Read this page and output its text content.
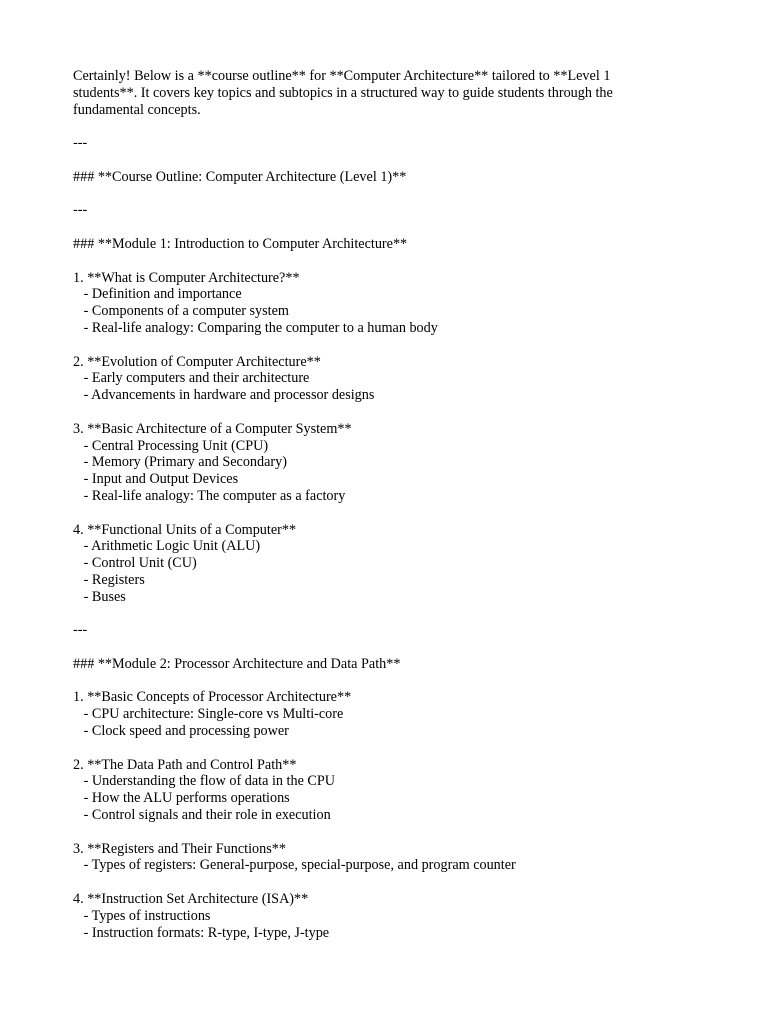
Certainly! Below is a **course outline** for **Computer Architecture** tailored to **Level 1
students**. It covers key topics and subtopics in a structured way to guide students through the
fundamental concepts.
---
### **Course Outline: Computer Architecture (Level 1)**
---
### **Module 1: Introduction to Computer Architecture**
1. **What is Computer Architecture?**
- Definition and importance
- Components of a computer system
- Real-life analogy: Comparing the computer to a human body
2. **Evolution of Computer Architecture**
- Early computers and their architecture
- Advancements in hardware and processor designs
3. **Basic Architecture of a Computer System**
- Central Processing Unit (CPU)
- Memory (Primary and Secondary)
- Input and Output Devices
- Real-life analogy: The computer as a factory
4. **Functional Units of a Computer**
- Arithmetic Logic Unit (ALU)
- Control Unit (CU)
- Registers
- Buses
---
### **Module 2: Processor Architecture and Data Path**
1. **Basic Concepts of Processor Architecture**
- CPU architecture: Single-core vs Multi-core
- Clock speed and processing power
2. **The Data Path and Control Path**
- Understanding the flow of data in the CPU
- How the ALU performs operations
- Control signals and their role in execution
3. **Registers and Their Functions**
- Types of registers: General-purpose, special-purpose, and program counter
4. **Instruction Set Architecture (ISA)**
- Types of instructions
- Instruction formats: R-type, I-type, J-type
